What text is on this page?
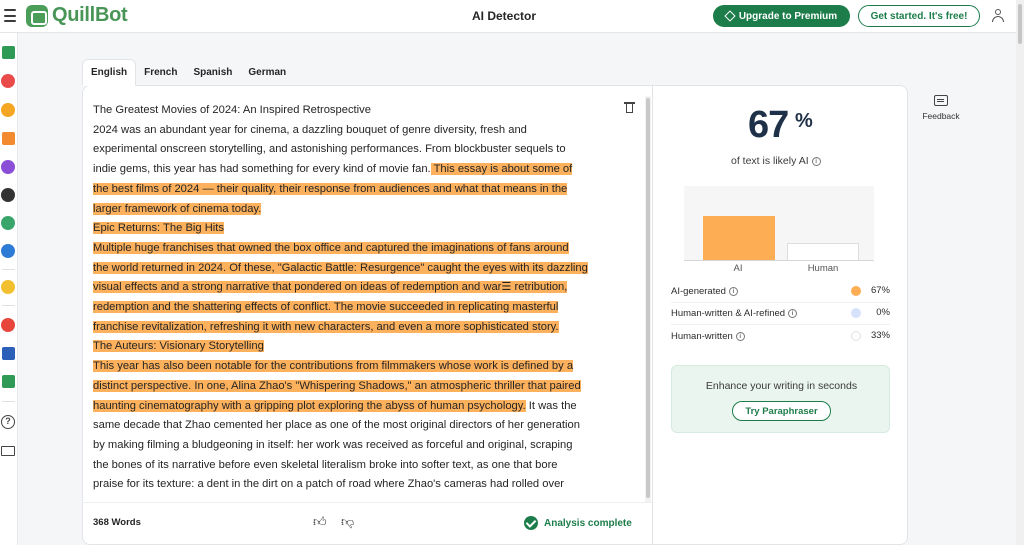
QuillBot	AI Detector	Upgrade to Premium	Get started. It's free!
?
English	French	Spanish	German

The Greatest Movies of 2024: An Inspired Retrospective

2024 was an abundant year for cinema, a dazzling bouquet of genre diversity, fresh and

experimental onscreen storytelling, and astonishing performances. From blockbuster sequels to

indie gems, this year has had something for every kind of movie fan. This essay is about some of

the best films of 2024 — their quality, their response from audiences and what that means in the

larger framework of cinema today.

Epic Returns: The Big Hits

Multiple huge franchises that owned the box office and captured the imaginations of fans around

the world returned in 2024. Of these, "Galactic Battle: Resurgence" caught the eyes with its dazzling

visual effects and a strong narrative that pondered on ideas of redemption and war☰ retribution,

redemption and the shattering effects of conflict. The movie succeeded in replicating masterful

franchise revitalization, refreshing it with new characters, and even a more sophisticated story.

The Auteurs: Visionary Storytelling

This year has also been notable for the contributions from filmmakers whose work is defined by a

distinct perspective. In one, Alina Zhao's "Whispering Shadows," an atmospheric thriller that paired

haunting cinematography with a gripping plot exploring the abyss of human psychology. It was the

same decade that Zhao cemented her place as one of the most original directors of her generation

by making filming a bludgeoning in itself: her work was received as forceful and original, scraping

the bones of its narrative before even skeletal literalism broke into softer text, as one that bore

praise for its texture: a dent in the dirt on a patch of road where Zhao's cameras had rolled over

368 Words	👍︎ 👎︎	Analysis complete
67 %
of text is likely AI	i
AI	Human
AI-generated	i	67%
Human-written & AI-refined	i	0%
Human-written	i	33%
Enhance your writing in seconds
Try Paraphraser
Feedback
